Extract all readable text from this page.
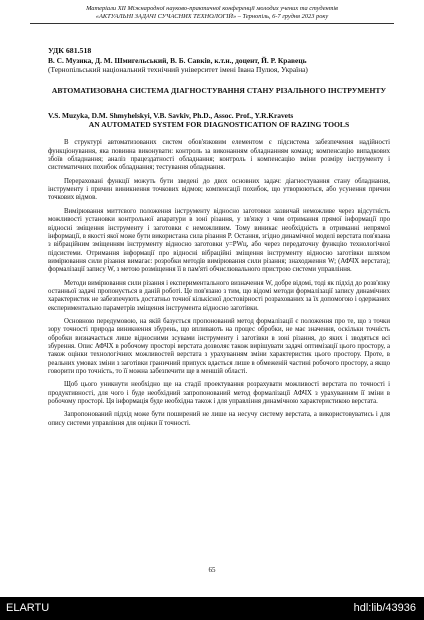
Матеріали XII Міжнародної науково-практичної конференції молодих учених та студентів
«АКТУАЛЬНІ ЗАДАЧІ СУЧАСНИХ ТЕХНОЛОГІЙ» – Тернопіль, 6-7 грудня 2023 року
УДК 681.518
В. С. Музика, Д. М. Шмигельський, В. Б. Савків, к.т.н., доцент, Й. Р. Кравець
(Тернопільський національний технічний університет імені Івана Пулюя, Україна)
АВТОМАТИЗОВАНА СИСТЕМА ДІАГНОСТУВАННЯ СТАНУ РІЗАЛЬНОГО ІНСТРУМЕНТУ
V.S. Muzyka, D.M. Shmyhelskyi, V.B. Savkiv, Ph.D., Assoc. Prof., Y.R.Kravets
AN AUTOMATED SYSTEM FOR DIAGNOSTICATION OF RAZING TOOLS

В структурі автоматизованих систем обов'язковим елементом є підсистема забезпечення надійності функціонування, яка повинна виконувати: контроль за виконанням обладнанням команд; компенсацію випадкових збоїв обладнання; аналіз працездатності обладнання; контроль і компенсацію зміни розміру інструменту і систематичних похибок обладнання; тестування обладнання.

Перераховані функції можуть бути зведені до двох основних задач: діагностування стану обладнання, інструменту і причин виникнення точкових відмов; компенсації похибок, що утворюються, або усунення причин точкових відмов.

Вимірювання миттєвого положення інструменту відносно заготовки зазвичай неможливе через відсутність можливості установки контрольної апаратури в зоні різання, у зв'язку з чим отримання прямої інформації про відносні зміщення інструменту і заготовки є неможливим. Тому виникає необхідність в отриманні непрямої інформації, в якості якої може бути використана сила різання P. Остання, згідно динамічної моделі верстата пов'язана з вібраційним зміщенням інструменту відносно заготовки y=PWц, або через передаточну функцію технологічної підсистеми. Отримання інформації про відносні вібраційні зміщення інструменту відносно заготівки шляхом вимірювання сили різання вимагає: розробки методів вимірювання сили різання; знаходження W; (АФЧХ верстата); формалізації запису W, з метою розміщення її в пам'яті обчислювального пристрою системи управління.

Методи вимірювання сили різання і експериментального визначення W, добре відомі, тоді як підхід до розв'язку останньої задачі пропонується в даній роботі. Це пов'язано з тим, що відомі методи формалізації запису динамічних характеристик не забезпечують достатньо точної кількісної достовірності розрахованих за їх допомогою і одержаних експериментально параметрів зміщення інструмента відносно заготівки.

Основною передумовою, на якій базується пропонований метод формалізації є положення про те, що з точки зору точності природа виникнення збурень, що впливають на процес обробки, не має значення, оскільки точність обробки визначається лише відносними зсувами інструменту і заготівки в зоні різання, до яких і зводяться всі збурення. Опис АФЧХ в робочому просторі верстата дозволяє також вирішувати задачі оптимізації цього простору, а також оцінки технологічних можливостей верстата з урахуванням зміни характеристик цього простору. Проте, в реальних умовах зміни з заготівки граничний припуск вдається лише в обмеженій частині робочого простору, а якщо говорити про точність, то її можна забезпечити ще в меншій області.

Щоб цього уникнути необхідно ще на стадії проектування розрахувати можливості верстата по точності і продуктивності, для чого і буде необхідний запропонований метод формалізації АФЧХ з урахуванням її зміни в робочому просторі. Ця інформація буде необхідна також і для управління динамічною характеристикою верстата.

Запропонований підхід може бути поширений не лише на несучу систему верстата, а використовуватись і для опису системи управління для оцінки її точності.

65
ELARTU	hdl:lib/43936
